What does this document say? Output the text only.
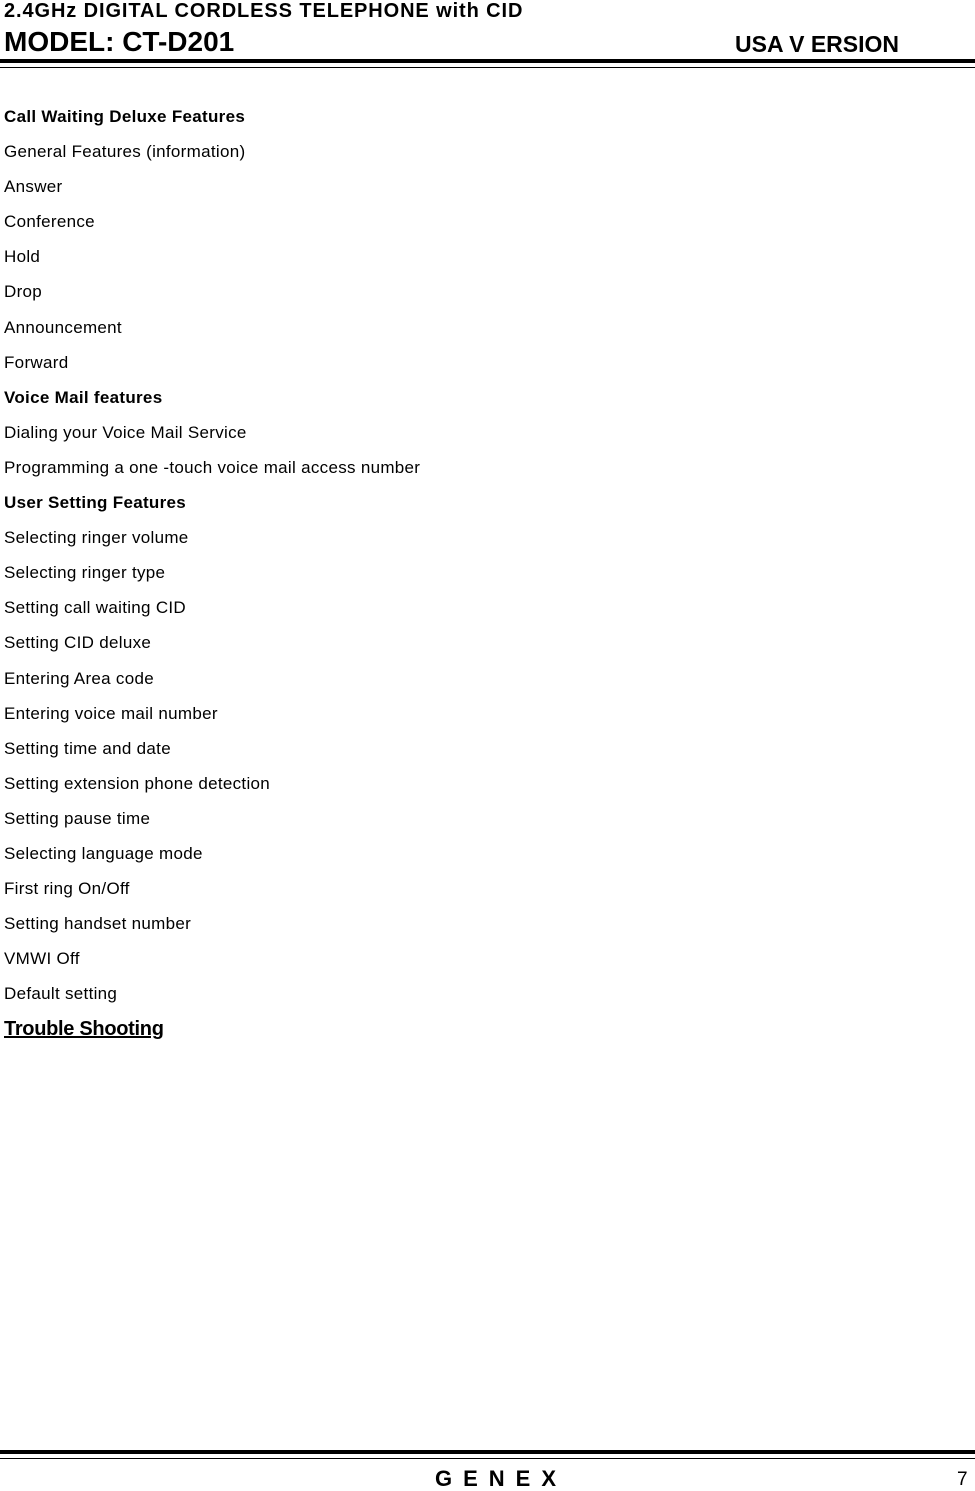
2.4GHz DIGITAL CORDLESS TELEPHONE with CID
MODEL: CT-D201	USA V ERSION
Call Waiting Deluxe Features
General Features (information)
Answer
Conference
Hold
Drop
Announcement
Forward
Voice Mail features
Dialing your Voice Mail Service
Programming a one -touch voice mail access number
User Setting Features
Selecting ringer volume
Selecting ringer type
Setting call waiting CID
Setting CID deluxe
Entering Area code
Entering voice mail number
Setting time and date
Setting extension phone detection
Setting pause time
Selecting language mode
First ring On/Off
Setting handset number
VMWI Off
Default setting
Trouble Shooting
GENEX	7
